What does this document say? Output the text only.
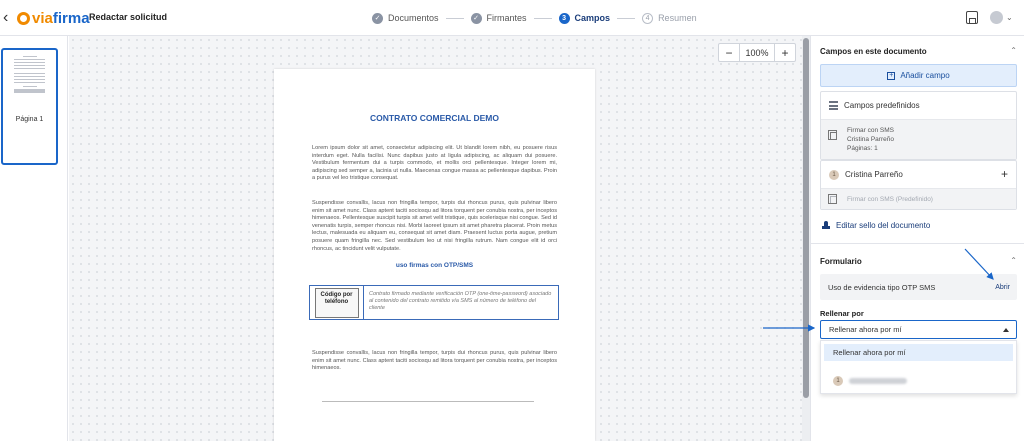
‹	via firma Redactar solicitud	✓ Documentos	✓ Firmantes	3 Campos	4 Resumen	⌄
Página 1
−	100%	+
CONTRATO COMERCIAL DEMO
Lorem ipsum dolor sit amet, consectetur adipiscing elit. Ut blandit lorem nibh, eu posuere risus interdum eget. Nulla facilisi. Nunc dapibus justo at ligula adipiscing, ac aliquam dui posuere. Vestibulum fermentum dui a turpis commodo, et mollis orci pellentesque. Integer lorem mi, adipiscing sed semper a, lacinia ut nulla. Maecenas congue massa ac pellentesque dapibus. Proin a purus vel leo tristique consequat.
Suspendisse convallis, lacus non fringilla tempor, turpis dui rhoncus purus, quis pulvinar libero enim sit amet nunc. Class aptent taciti sociosqu ad litora torquent per conubia nostra, per inceptos himenaeos. Pellentesque suscipit turpis sit amet velit tristique, quis scelerisque nisi congue. Sed id venenatis turpis, semper rhoncus nisi. Morbi laoreet ipsum sit amet pharetra placerat. Proin metus lectus, malesuada eu aliquam eu, consequat sit amet diam. Praesent luctus porta augue, pretium posuere quam fringilla nec. Sed vestibulum leo ut nisi fringilla rutrum. Nam congue elit id orci rhoncus, ac tincidunt velit vulputate.
uso firmas con OTP/SMS
Código por teléfono
Contrato firmado mediante verificación OTP (one-time-password) asociado al contenido del contrato remitido vía SMS al número de teléfono del cliente
Suspendisse convallis, lacus non fringilla tempor, turpis dui rhoncus purus, quis pulvinar libero enim sit amet nunc. Class aptent taciti sociosqu ad litora torquent per conubia nostra, per inceptos himenaeos.
Campos en este documento	⌃
+ Añadir campo
Campos predefinidos
Firmar con SMS
Cristina Parreño
Páginas: 1
1	Cristina Parreño	+
Firmar con SMS (Predefinido)
Editar sello del documento
Formulario	⌃
Uso de evidencia tipo OTP SMS	Abrir
Rellenar por
Rellenar ahora por mí
Rellenar ahora por mí
1
